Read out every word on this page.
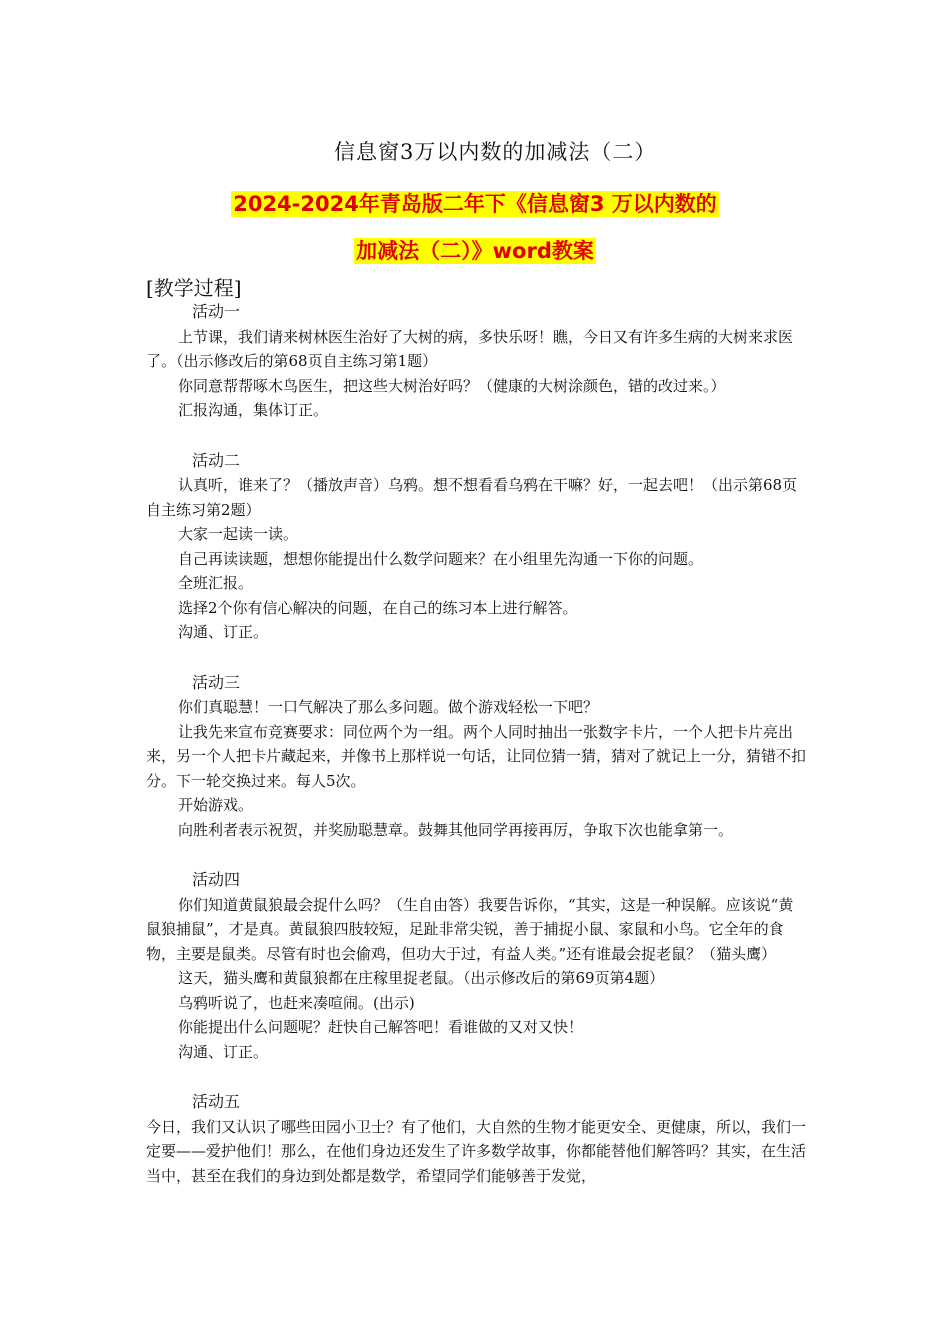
信息窗3万以内数的加减法（二）
2024-2024年青岛版二年下《信息窗3 万以内数的
加减法（二）》word教案
[教学过程]
活动一
上节课，我们请来树林医生治好了大树的病，多快乐呀！瞧，今日又有许多生病的大树来求医了。（出示修改后的第68页自主练习第1题）
你同意帮帮啄木鸟医生，把这些大树治好吗？（健康的大树涂颜色，错的改过来。）
汇报沟通，集体订正。
活动二
认真听，谁来了？（播放声音）乌鸦。想不想看看乌鸦在干嘛？好，一起去吧！（出示第68页自主练习第2题）
大家一起读一读。
自己再读读题，想想你能提出什么数学问题来？在小组里先沟通一下你的问题。
全班汇报。
选择2个你有信心解决的问题，在自己的练习本上进行解答。
沟通、订正。
活动三
你们真聪慧！一口气解决了那么多问题。做个游戏轻松一下吧？
让我先来宣布竞赛要求：同位两个为一组。两个人同时抽出一张数字卡片，一个人把卡片亮出来，另一个人把卡片藏起来，并像书上那样说一句话，让同位猜一猜，猜对了就记上一分，猜错不扣分。下一轮交换过来。每人5次。
开始游戏。
向胜利者表示祝贺，并奖励聪慧章。鼓舞其他同学再接再厉，争取下次也能拿第一。
活动四
你们知道黄鼠狼最会捉什么吗？（生自由答）我要告诉你，“其实，这是一种误解。应该说“黄鼠狼捕鼠”，才是真。黄鼠狼四肢较短，足趾非常尖锐，善于捕捉小鼠、家鼠和小鸟。它全年的食物，主要是鼠类。尽管有时也会偷鸡，但功大于过，有益人类。”还有谁最会捉老鼠？（猫头鹰）
这天，猫头鹰和黄鼠狼都在庄稼里捉老鼠。（出示修改后的第69页第4题）
乌鸦听说了，也赶来凑喧闹。(出示)
你能提出什么问题呢？赶快自己解答吧！看谁做的又对又快！
沟通、订正。
活动五
今日，我们又认识了哪些田园小卫士？有了他们，大自然的生物才能更安全、更健康，所以，我们一定要——爱护他们！那么，在他们身边还发生了许多数学故事，你都能替他们解答吗？其实，在生活当中，甚至在我们的身边到处都是数学，希望同学们能够善于发觉，
